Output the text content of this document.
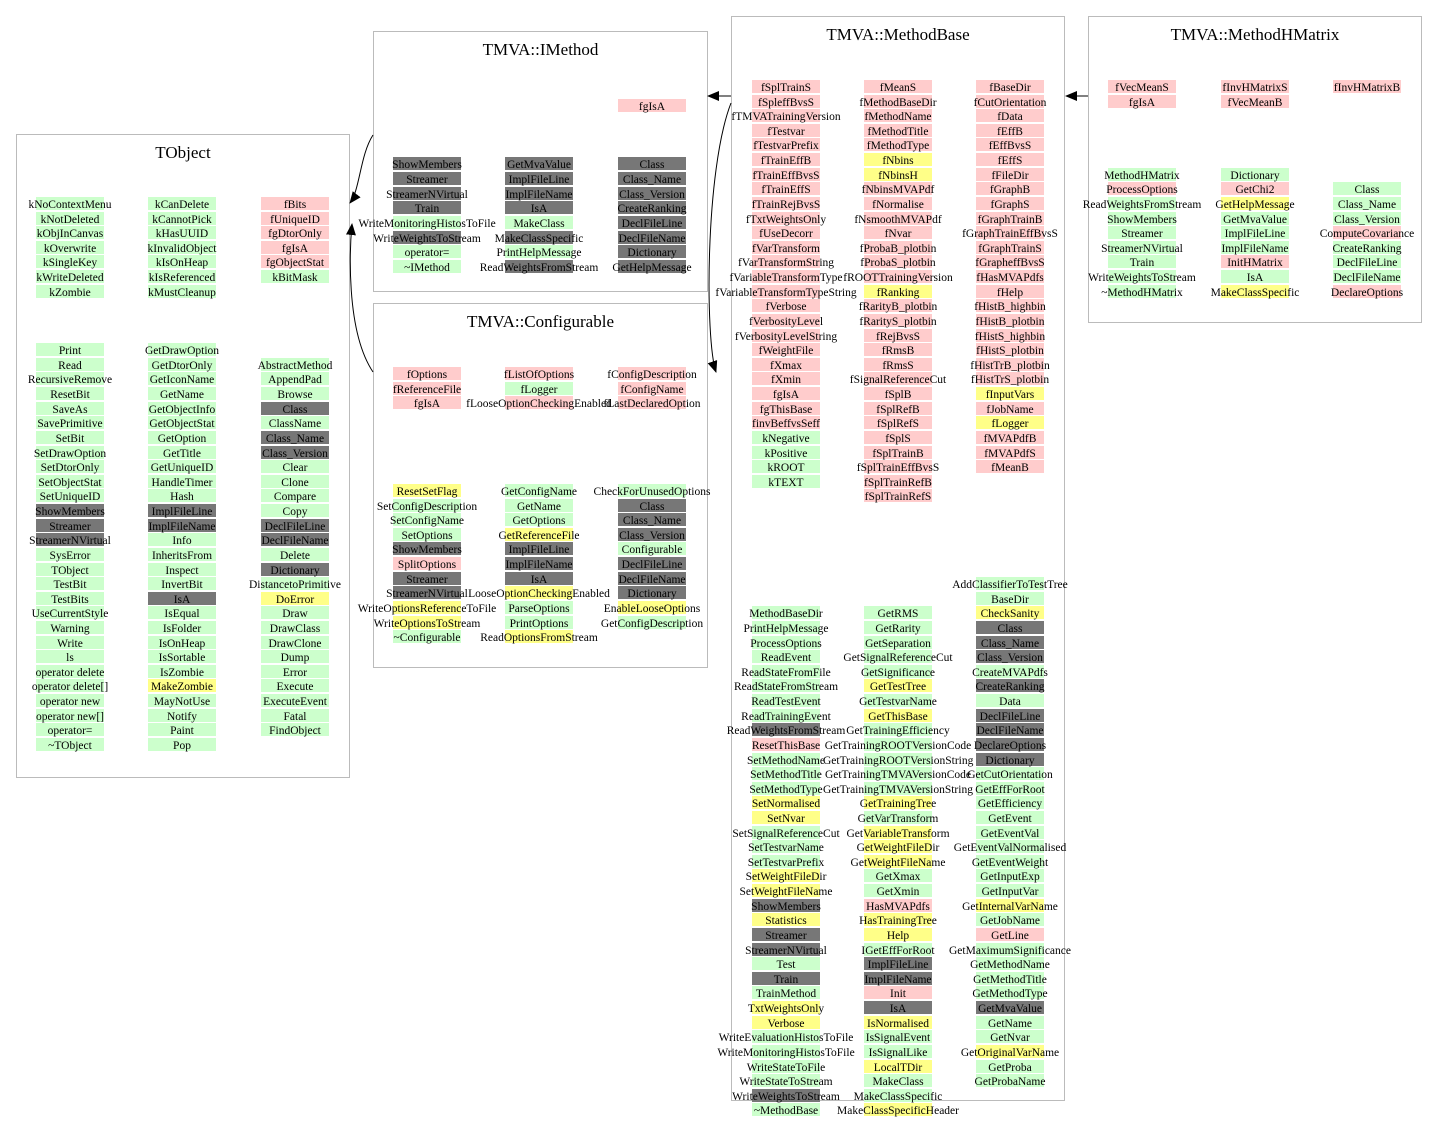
TObject
TMVA::IMethod
TMVA::Configurable
TMVA::MethodBase	TMVA::MethodHMatrix
kNoContextMenu
kNotDeleted
kObjInCanvas
kOverwrite
kSingleKey
kWriteDeleted
kZombie
Print
Read
RecursiveRemove
ResetBit
SaveAs
SavePrimitive
SetBit
SetDrawOption
SetDtorOnly
SetObjectStat
SetUniqueID
ShowMembers
Streamer
StreamerNVirtual
SysError
TObject
TestBit
TestBits
UseCurrentStyle
Warning
Write
ls
operator delete
operator delete[]
operator new
operator new[]
operator=
~TObject
kCanDelete
kCannotPick
kHasUUID
kInvalidObject
kIsOnHeap
kIsReferenced
kMustCleanup
GetDrawOption
GetDtorOnly
GetIconName
GetName
GetObjectInfo
GetObjectStat
GetOption
GetTitle
GetUniqueID
HandleTimer
Hash
ImplFileLine
ImplFileName
Info
InheritsFrom
Inspect
InvertBit
IsA
IsEqual
IsFolder
IsOnHeap
IsSortable
IsZombie
MakeZombie
MayNotUse
Notify
Paint
Pop
fBits
fUniqueID
fgDtorOnly
fgIsA
fgObjectStat
kBitMask
AbstractMethod
AppendPad
Browse
Class
ClassName
Class_Name
Class_Version
Clear
Clone
Compare
Copy
DeclFileLine
DeclFileName
Delete
Dictionary
DistancetoPrimitive
DoError
Draw
DrawClass
DrawClone
Dump
Error
Execute
ExecuteEvent
Fatal
FindObject
ShowMembers
Streamer
StreamerNVirtual
Train
WriteMonitoringHistosToFile
WriteWeightsToStream
operator=
~IMethod
GetMvaValue
ImplFileLine
ImplFileName
IsA
MakeClass
MakeClassSpecific
PrintHelpMessage
ReadWeightsFromStream
fgIsA
Class
Class_Name
Class_Version
CreateRanking
DeclFileLine
DeclFileName
Dictionary
GetHelpMessage
fOptions
fReferenceFile
fgIsA
ResetSetFlag
SetConfigDescription
SetConfigName
SetOptions
ShowMembers
SplitOptions
Streamer
StreamerNVirtual
WriteOptionsReferenceToFile
WriteOptionsToStream
~Configurable
fListOfOptions
fLogger
fLooseOptionCheckingEnabled
GetConfigName
GetName
GetOptions
GetReferenceFile
ImplFileLine
ImplFileName
IsA
LooseOptionCheckingEnabled
ParseOptions
PrintOptions
ReadOptionsFromStream
fConfigDescription
fConfigName
fLastDeclaredOption
CheckForUnusedOptions
Class
Class_Name
Class_Version
Configurable
DeclFileLine
DeclFileName
Dictionary
EnableLooseOptions
GetConfigDescription
fSplTrainS
fSpleffBvsS
fTMVATrainingVersion
fTestvar
fTestvarPrefix
fTrainEffB
fTrainEffBvsS
fTrainEffS
fTrainRejBvsS
fTxtWeightsOnly
fUseDecorr
fVarTransform
fVarTransformString
fVariableTransformType
fVariableTransformTypeString
fVerbose
fVerbosityLevel
fVerbosityLevelString
fWeightFile
fXmax
fXmin
fgIsA
fgThisBase
finvBeffvsSeff
kNegative
kPositive
kROOT
kTEXT
MethodBaseDir
PrintHelpMessage
ProcessOptions
ReadEvent
ReadStateFromFile
ReadStateFromStream
ReadTestEvent
ReadTrainingEvent
ReadWeightsFromStream
ResetThisBase
SetMethodName
SetMethodTitle
SetMethodType
SetNormalised
SetNvar
SetSignalReferenceCut
SetTestvarName
SetTestvarPrefix
SetWeightFileDir
SetWeightFileName
ShowMembers
Statistics
Streamer
StreamerNVirtual
Test
Train
TrainMethod
TxtWeightsOnly
Verbose
WriteEvaluationHistosToFile
WriteMonitoringHistosToFile
WriteStateToFile
WriteStateToStream
WriteWeightsToStream
~MethodBase
fMeanS
fMethodBaseDir
fMethodName
fMethodTitle
fMethodType
fNbins
fNbinsH
fNbinsMVAPdf
fNormalise
fNsmoothMVAPdf
fNvar
fProbaB_plotbin
fProbaS_plotbin
fROOTTrainingVersion
fRanking
fRarityB_plotbin
fRarityS_plotbin
fRejBvsS
fRmsB
fRmsS
fSignalReferenceCut
fSplB
fSplRefB
fSplRefS
fSplS
fSplTrainB
fSplTrainEffBvsS
fSplTrainRefB
fSplTrainRefS
GetRMS
GetRarity
GetSeparation
GetSignalReferenceCut
GetSignificance
GetTestTree
GetTestvarName
GetThisBase
GetTrainingEfficiency
GetTrainingROOTVersionCode
GetTrainingROOTVersionString
GetTrainingTMVAVersionCode
GetTrainingTMVAVersionString
GetTrainingTree
GetVarTransform
GetVariableTransform
GetWeightFileDir
GetWeightFileName
GetXmax
GetXmin
HasMVAPdfs
HasTrainingTree
Help
IGetEffForRoot
ImplFileLine
ImplFileName
Init
IsA
IsNormalised
IsSignalEvent
IsSignalLike
LocalTDir
MakeClass
MakeClassSpecific
MakeClassSpecificHeader
fBaseDir
fCutOrientation
fData
fEffB
fEffBvsS
fEffS
fFileDir
fGraphB
fGraphS
fGraphTrainB
fGraphTrainEffBvsS
fGraphTrainS
fGrapheffBvsS
fHasMVAPdfs
fHelp
fHistB_highbin
fHistB_plotbin
fHistS_highbin
fHistS_plotbin
fHistTrB_plotbin
fHistTrS_plotbin
fInputVars
fJobName
fLogger
fMVAPdfB
fMVAPdfS
fMeanB
AddClassifierToTestTree
BaseDir
CheckSanity
Class
Class_Name
Class_Version
CreateMVAPdfs
CreateRanking
Data
DeclFileLine
DeclFileName
DeclareOptions
Dictionary
GetCutOrientation
GetEffForRoot
GetEfficiency
GetEvent
GetEventVal
GetEventValNormalised
GetEventWeight
GetInputExp
GetInputVar
GetInternalVarName
GetJobName
GetLine
GetMaximumSignificance
GetMethodName
GetMethodTitle
GetMethodType
GetMvaValue
GetName
GetNvar
GetOriginalVarName
GetProba
GetProbaName
fVecMeanS
fgIsA
MethodHMatrix
ProcessOptions
ReadWeightsFromStream
ShowMembers
Streamer
StreamerNVirtual
Train
WriteWeightsToStream
~MethodHMatrix
fInvHMatrixS
fVecMeanB
Dictionary
GetChi2
GetHelpMessage
GetMvaValue
ImplFileLine
ImplFileName
InitHMatrix
IsA
MakeClassSpecific
fInvHMatrixB
Class
Class_Name
Class_Version
ComputeCovariance
CreateRanking
DeclFileLine
DeclFileName
DeclareOptions
